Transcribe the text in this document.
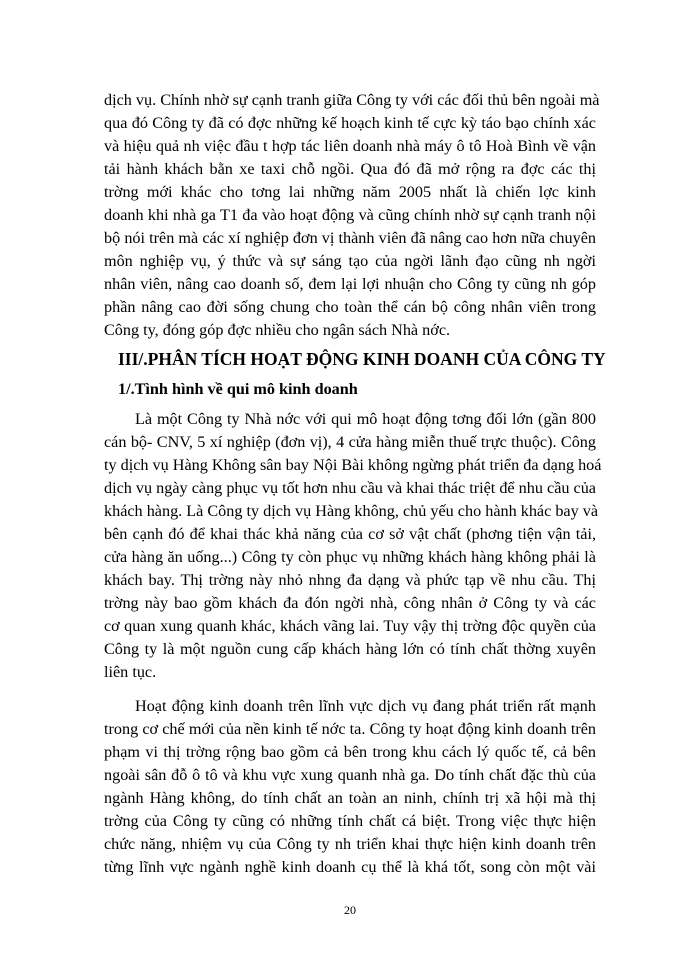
dịch vụ. Chính nhờ sự cạnh tranh giữa Công ty với các đối thủ bên ngoài mà
qua đó Công ty đã có đợc những kế hoạch kinh tế cực kỳ táo bạo chính xác
và hiệu quả nh việc đầu t hợp tác liên doanh nhà máy ô tô Hoà Bình về vận
tải hành khách bằn xe taxi chỗ ngồi. Qua đó đã mở rộng ra đợc các thị
trờng mới khác cho tơng lai những năm 2005 nhất là chiến lợc kinh
doanh khi nhà ga T1 đa vào hoạt động và cũng chính nhờ sự cạnh tranh nội
bộ nói trên mà các xí nghiệp đơn vị thành viên đã nâng cao hơn nữa chuyên
môn nghiệp vụ, ý thức và sự sáng tạo của ngời lãnh đạo cũng nh ngời
nhân viên, nâng cao doanh số, đem lại lợi nhuận cho Công ty cũng nh góp
phần nâng cao đời sống chung cho toàn thể cán bộ công nhân viên trong
Công ty, đóng góp đợc nhiều cho ngân sách Nhà nớc.
III/.PHÂN TÍCH HOẠT ĐỘNG KINH DOANH CỦA CÔNG TY
1/.Tình hình về qui mô kinh doanh
Là một Công ty Nhà nớc với qui mô hoạt động tơng đối lớn (gần 800
cán bộ- CNV, 5 xí nghiệp (đơn vị), 4 cửa hàng miễn thuế trực thuộc). Công
ty dịch vụ Hàng Không sân bay Nội Bài không ngừng phát triển đa dạng hoá
dịch vụ ngày càng phục vụ tốt hơn nhu cầu và khai thác triệt để nhu cầu của
khách hàng. Là Công ty dịch vụ Hàng không, chủ yếu cho hành khác bay và
bên cạnh đó để khai thác khả năng của cơ sở vật chất (phơng tiện vận tải,
cửa hàng ăn uống...) Công ty còn phục vụ những khách hàng không phải là
khách bay. Thị trờng này nhỏ nhng đa dạng và phức tạp về nhu cầu. Thị
trờng này bao gồm khách đa đón ngời nhà, công nhân ở Công ty và các
cơ quan xung quanh khác, khách vãng lai. Tuy vậy thị trờng độc quyền của
Công ty là một nguồn cung cấp khách hàng lớn có tính chất thờng xuyên
liên tục.
Hoạt động kinh doanh trên lĩnh vực dịch vụ đang phát triển rất mạnh
trong cơ chế mới của nền kinh tế nớc ta. Công ty hoạt động kinh doanh trên
phạm vi thị trờng rộng bao gồm cả bên trong khu cách lý quốc tế, cả bên
ngoài sân đỗ ô tô và khu vực xung quanh nhà ga. Do tính chất đặc thù của
ngành Hàng không, do tính chất an toàn an ninh, chính trị xã hội mà thị
trờng của Công ty cũng có những tính chất cá biệt. Trong việc thực hiện
chức năng, nhiệm vụ của Công ty nh triển khai thực hiện kinh doanh trên
từng lĩnh vực ngành nghề kinh doanh cụ thể là khá tốt, song còn một vài
20
